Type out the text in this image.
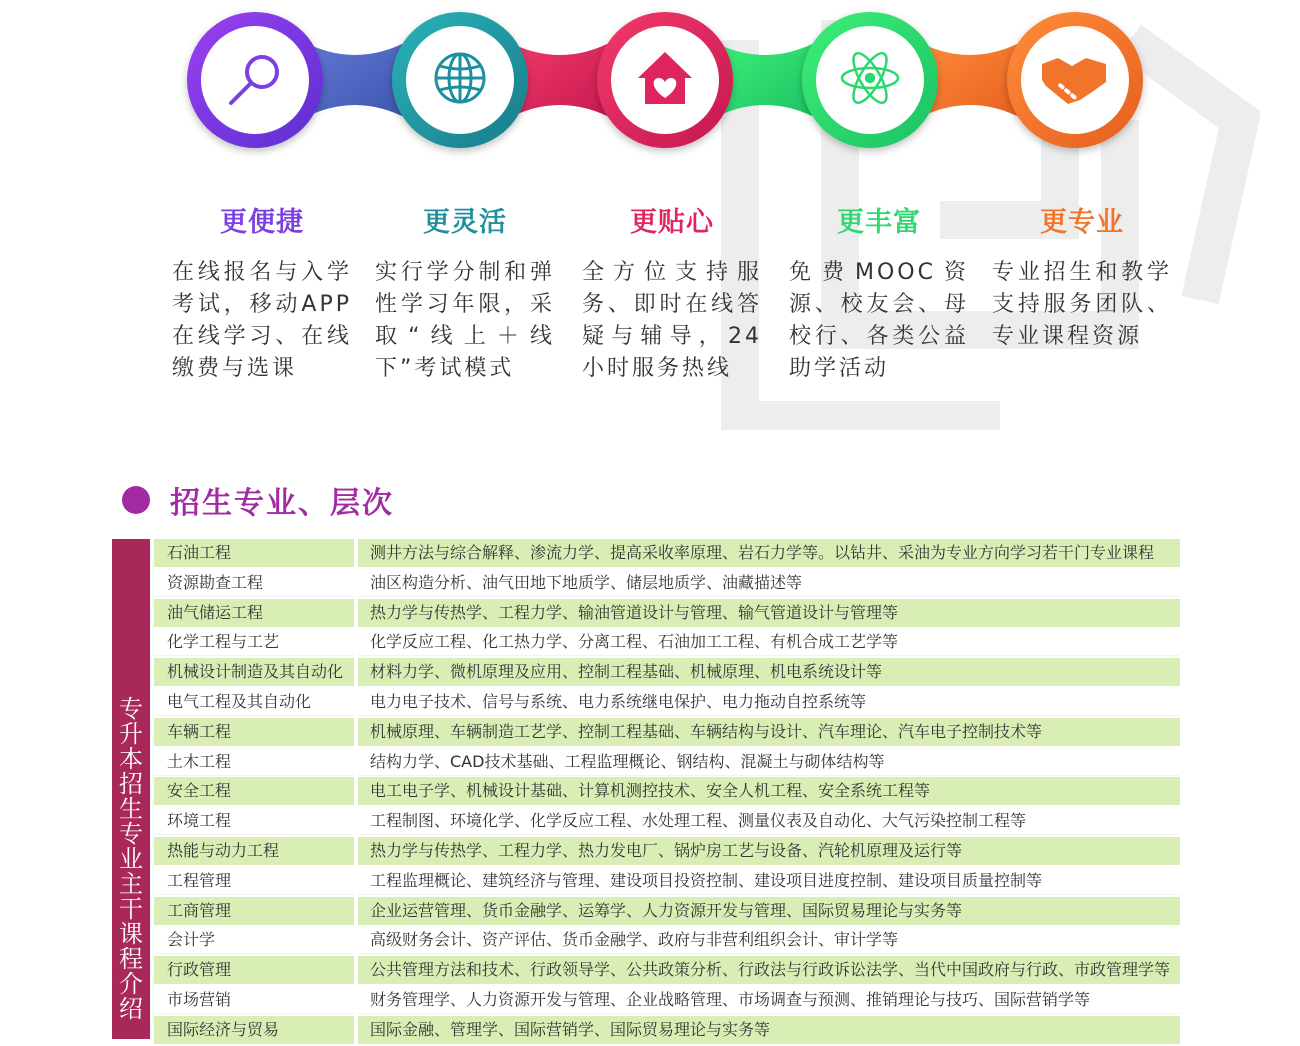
更便捷
在线报名与入学考试，移动APP在线学习、在线缴费与选课
更灵活
实行学分制和弹性学习年限，采取“线上＋线下”考试模式
更贴心
全方位支持服务、即时在线答疑与辅导，24小时服务热线
更丰富
免费MOOC资源、校友会、母校行、各类公益助学活动
更专业
专业招生和教学支持服务团队、专业课程资源
招生专业、层次
专升本招生专业主干课程介绍
石油工程	测井方法与综合解释、渗流力学、提高采收率原理、岩石力学等。以钻井、采油为专业方向学习若干门专业课程
资源勘查工程	油区构造分析、油气田地下地质学、储层地质学、油藏描述等
油气储运工程	热力学与传热学、工程力学、输油管道设计与管理、输气管道设计与管理等
化学工程与工艺	化学反应工程、化工热力学、分离工程、石油加工工程、有机合成工艺学等
机械设计制造及其自动化	材料力学、微机原理及应用、控制工程基础、机械原理、机电系统设计等
电气工程及其自动化	电力电子技术、信号与系统、电力系统继电保护、电力拖动自控系统等
车辆工程	机械原理、车辆制造工艺学、控制工程基础、车辆结构与设计、汽车理论、汽车电子控制技术等
土木工程	结构力学、CAD技术基础、工程监理概论、钢结构、混凝土与砌体结构等
安全工程	电工电子学、机械设计基础、计算机测控技术、安全人机工程、安全系统工程等
环境工程	工程制图、环境化学、化学反应工程、水处理工程、测量仪表及自动化、大气污染控制工程等
热能与动力工程	热力学与传热学、工程力学、热力发电厂、锅炉房工艺与设备、汽轮机原理及运行等
工程管理	工程监理概论、建筑经济与管理、建设项目投资控制、建设项目进度控制、建设项目质量控制等
工商管理	企业运营管理、货币金融学、运筹学、人力资源开发与管理、国际贸易理论与实务等
会计学	高级财务会计、资产评估、货币金融学、政府与非营利组织会计、审计学等
行政管理	公共管理方法和技术、行政领导学、公共政策分析、行政法与行政诉讼法学、当代中国政府与行政、市政管理学等
市场营销	财务管理学、人力资源开发与管理、企业战略管理、市场调查与预测、推销理论与技巧、国际营销学等
国际经济与贸易	国际金融、管理学、国际营销学、国际贸易理论与实务等
